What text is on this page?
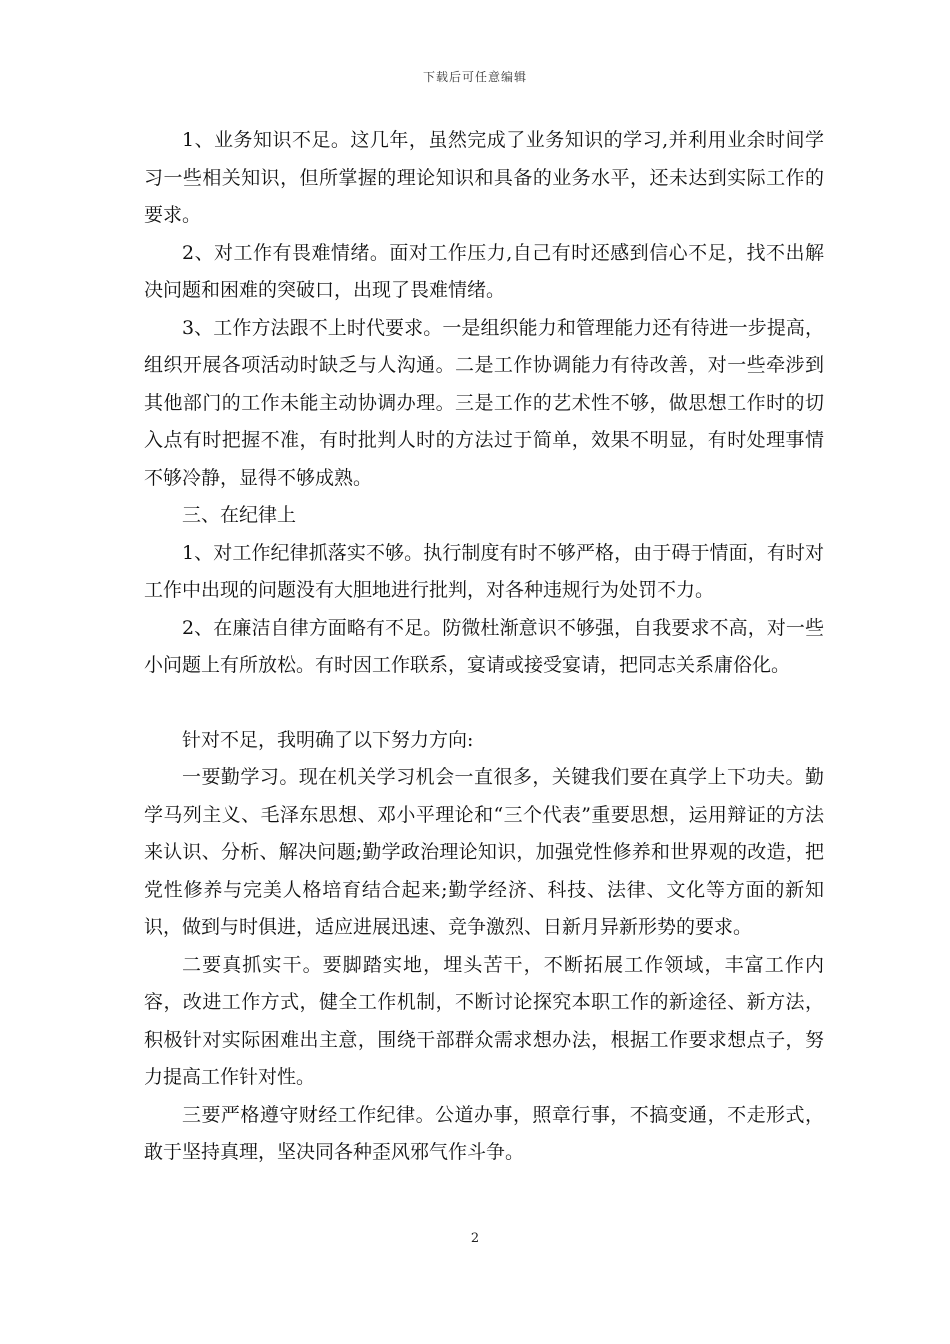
下载后可任意编辑

1、业务知识不足。这几年，虽然完成了业务知识的学习,并利用业余时间学习一些相关知识，但所掌握的理论知识和具备的业务水平，还未达到实际工作的要求。

2、对工作有畏难情绪。面对工作压力,自己有时还感到信心不足，找不出解决问题和困难的突破口，出现了畏难情绪。

3、工作方法跟不上时代要求。一是组织能力和管理能力还有待进一步提高，组织开展各项活动时缺乏与人沟通。二是工作协调能力有待改善，对一些牵涉到其他部门的工作未能主动协调办理。三是工作的艺术性不够，做思想工作时的切入点有时把握不准，有时批判人时的方法过于简单，效果不明显，有时处理事情不够冷静，显得不够成熟。

三、在纪律上

1、对工作纪律抓落实不够。执行制度有时不够严格，由于碍于情面，有时对工作中出现的问题没有大胆地进行批判，对各种违规行为处罚不力。

2、在廉洁自律方面略有不足。防微杜渐意识不够强，自我要求不高，对一些小问题上有所放松。有时因工作联系，宴请或接受宴请，把同志关系庸俗化。

针对不足，我明确了以下努力方向:

一要勤学习。现在机关学习机会一直很多，关键我们要在真学上下功夫。勤学马列主义、毛泽东思想、邓小平理论和“三个代表”重要思想，运用辩证的方法来认识、分析、解决问题;勤学政治理论知识，加强党性修养和世界观的改造，把党性修养与完美人格培育结合起来;勤学经济、科技、法律、文化等方面的新知识，做到与时俱进，适应进展迅速、竞争激烈、日新月异新形势的要求。

二要真抓实干。要脚踏实地，埋头苦干，不断拓展工作领域，丰富工作内容，改进工作方式，健全工作机制，不断讨论探究本职工作的新途径、新方法，积极针对实际困难出主意，围绕干部群众需求想办法，根据工作要求想点子，努力提高工作针对性。

三要严格遵守财经工作纪律。公道办事，照章行事，不搞变通，不走形式，敢于坚持真理，坚决同各种歪风邪气作斗争。

2
